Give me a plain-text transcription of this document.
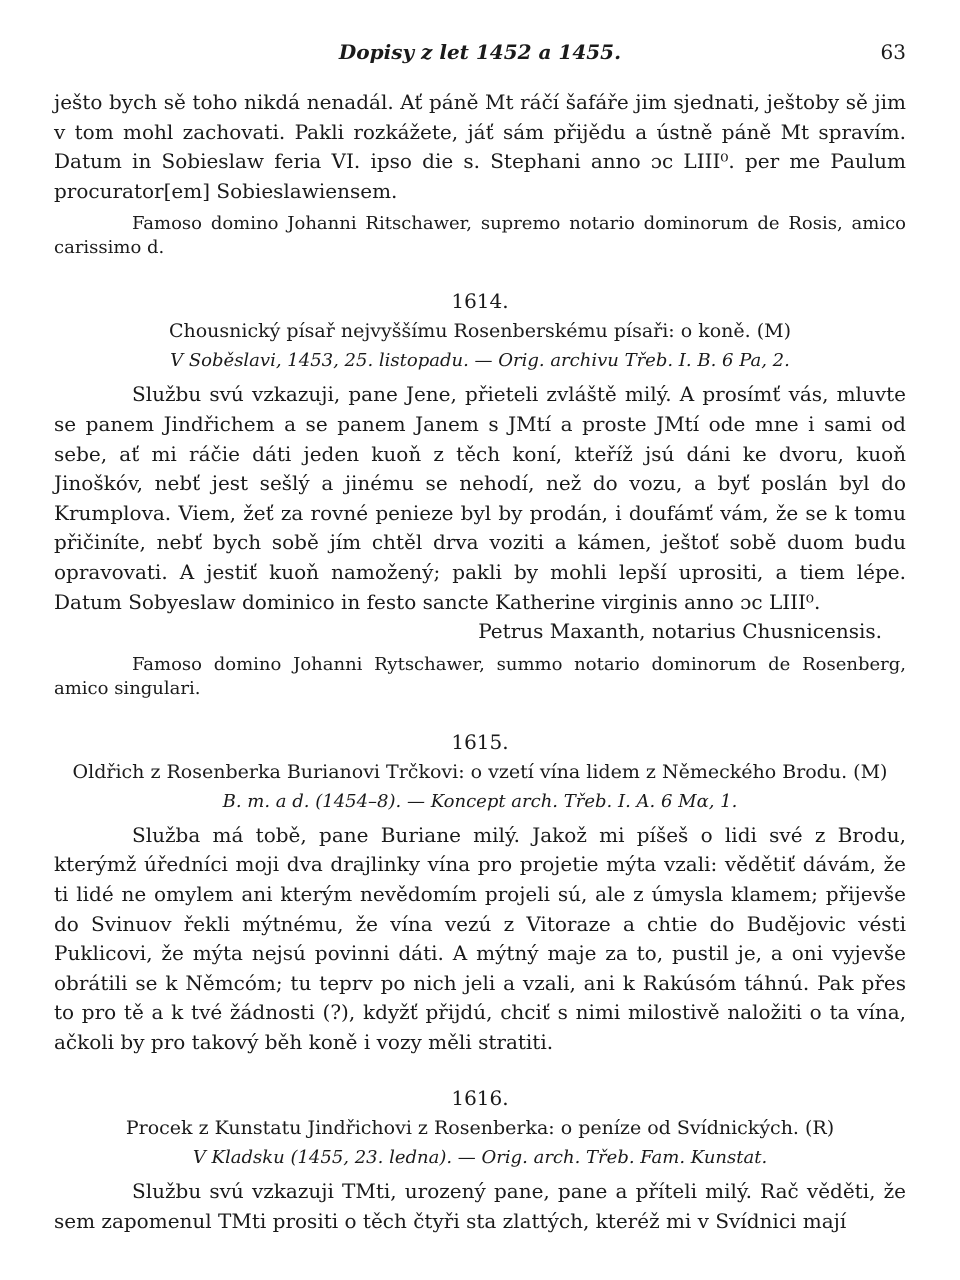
Dopisy z let 1452 a 1455.	63

ješto bych sě toho nikdá nenadál. Ať páně Mt ráčí šafáře jim sjednati, ještoby sě jim v tom mohl zachovati. Pakli rozkážete, jáť sám přijědu a ústně páně Mt spravím. Datum in Sobieslaw feria VI. ipso die s. Stephani anno ɔc LIII⁰. per me Paulum procurator[em] Sobieslawiensem.

Famoso domino Johanni Ritschawer, supremo notario dominorum de Rosis, amico carissimo d.

1614.
Chousnický písař nejvyššímu Rosenberskému písaři: o koně. (M)
V Soběslavi, 1453, 25. listopadu. — Orig. archivu Třeb. I. B. 6 Pa, 2.

Službu svú vzkazuji, pane Jene, přieteli zvláště milý. A prosímť vás, mluvte se panem Jindřichem a se panem Janem s JMtí a proste JMtí ode mne i sami od sebe, ať mi ráčie dáti jeden kuoň z těch koní, kteříž jsú dáni ke dvoru, kuoň Jinoškóv, nebť jest sešlý a jinému se nehodí, než do vozu, a byť poslán byl do Krumplova. Viem, žeť za rovné penieze byl by prodán, i doufámť vám, že se k tomu přičiníte, nebť bych sobě jím chtěl drva voziti a kámen, ještoť sobě duom budu opravovati. A jestiť kuoň namožený; pakli by mohli lepší uprositi, a tiem lépe. Datum Sobyeslaw dominico in festo sancte Katherine virginis anno ɔc LIII⁰.

Petrus Maxanth, notarius Chusnicensis.

Famoso domino Johanni Rytschawer, summo notario dominorum de Rosenberg, amico singulari.

1615.
Oldřich z Rosenberka Burianovi Trčkovi: o vzetí vína lidem z Německého Brodu. (M)
B. m. a d. (1454–8). — Koncept arch. Třeb. I. A. 6 Mα, 1.

Služba má tobě, pane Buriane milý. Jakož mi píšeš o lidi své z Brodu, kterýmž úředníci moji dva drajlinky vína pro projetie mýta vzali: vědětiť dávám, že ti lidé ne omylem ani kterým nevědomím projeli sú, ale z úmysla klamem; přijevše do Svinuov řekli mýtnému, že vína vezú z Vitoraze a chtie do Budějovic vésti Puklicovi, že mýta nejsú povinni dáti. A mýtný maje za to, pustil je, a oni vyjevše obrátili se k Němcóm; tu teprv po nich jeli a vzali, ani k Rakúsóm táhnú. Pak přes to pro tě a k tvé žádnosti (?), kdyžť přijdú, chciť s nimi milostivě naložiti o ta vína, ačkoli by pro takový běh koně i vozy měli stratiti.

1616.
Procek z Kunstatu Jindřichovi z Rosenberka: o peníze od Svídnických. (R)
V Kladsku (1455, 23. ledna). — Orig. arch. Třeb. Fam. Kunstat.

Službu svú vzkazuji TMti, urozený pane, pane a příteli milý. Rač věděti, že sem zapomenul TMti prositi o těch čtyři sta zlattých, kteréž mi v Svídnici mají
